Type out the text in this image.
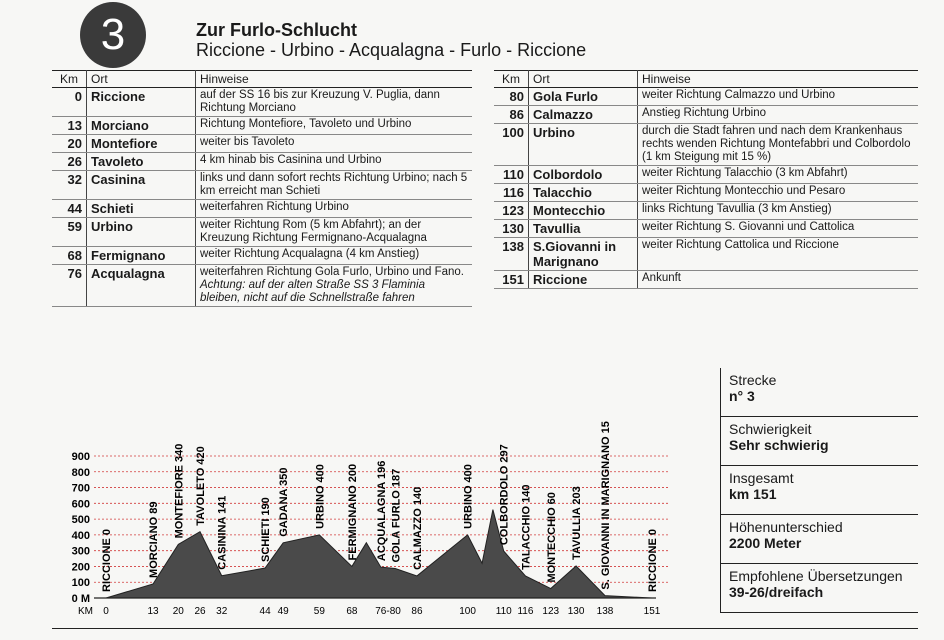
3	Zur Furlo-Schlucht
Riccione - Urbino - Acqualagna - Furlo - Riccione
Km	Ort	Hinweise
0	Riccione	auf der SS 16 bis zur Kreuzung V. Puglia, dann Richtung Morciano
13	Morciano	Richtung Montefiore, Tavoleto und Urbino
20	Montefiore	weiter bis Tavoleto
26	Tavoleto	4 km hinab bis Casinina und Urbino
32	Casinina	links und dann sofort rechts Richtung Urbino; nach 5 km erreicht man Schieti
44	Schieti	weiterfahren Richtung Urbino
59	Urbino	weiter Richtung Rom (5 km Abfahrt); an der Kreuzung Richtung Fermignano-Acqualagna
68	Fermignano	weiter Richtung Acqualagna (4 km Anstieg)
76	Acqualagna	weiterfahren Richtung Gola Furlo, Urbino und Fano. Achtung: auf der alten Straße SS 3 Flaminia bleiben, nicht auf die Schnellstraße fahren
Km	Ort	Hinweise
80	Gola Furlo	weiter Richtung Calmazzo und Urbino
86	Calmazzo	Anstieg Richtung Urbino
100	Urbino	durch die Stadt fahren und nach dem Krankenhaus rechts wenden Richtung Montefabbri und Colbordolo (1 km Steigung mit 15 %)
110	Colbordolo	weiter Richtung Talacchio (3 km Abfahrt)
116	Talacchio	weiter Richtung Montecchio und Pesaro
123	Montecchio	links Richtung Tavullia (3 km Anstieg)
130	Tavullia	weiter Richtung S. Giovanni und Cattolica
138	S.Giovanni in Marignano	weiter Richtung Cattolica und Riccione
151	Riccione	Ankunft
Strecke
n° 3
Schwierigkeit
Sehr schwierig
Insgesamt
km 151
Höhenunterschied
2200 Meter
Empfohlene Übersetzungen
39-26/dreifach
0 M
100
200
300
400
500
600
700
800
900
KM 0	13 20 26 32	44 49	59 68 76-80 86	100 110 116 123 130 138	151
RICCIONE 0	MORCIANO 89
MONTEFIORE 340 TAVOLETO 420
CASININA 141	SCHIETI 190 GADANA 350 URBINO 400 FERMIGNANO 200 ACQUALAGNA 196 GOLA FURLO 187 CALMAZZO 140	URBINO 400 COLBORDOLO 297 TALACCHIO 140 MONTECCHIO 60 TAVULLIA 203 S. GIOVANNI IN MARIGNANO 15	RICCIONE 0
